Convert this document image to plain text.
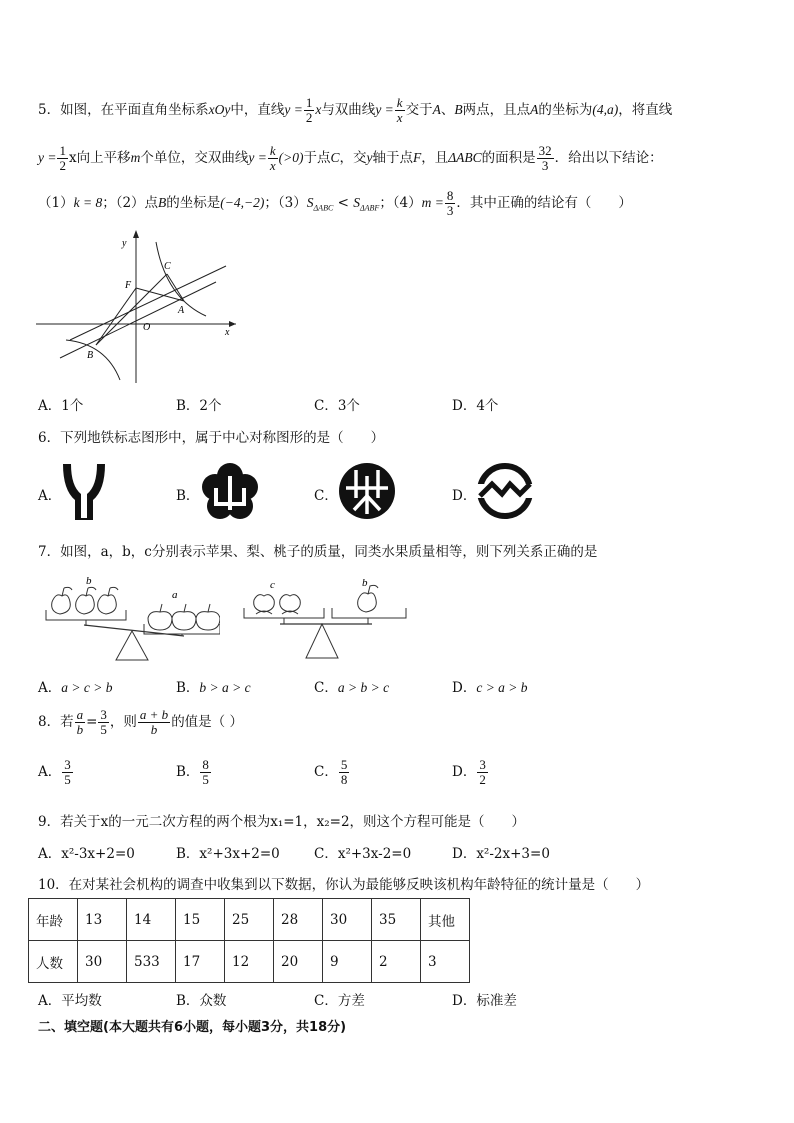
5．如图，在平面直角坐标系xOy中，直线$y = \frac{1}{2}$ x与双曲线$y = \frac{k}{x}$ 交于A、B两点，且点A的坐标为(4,a)，将直线
$y = \frac{1}{2}$ x向上平移m个单位，交双曲线$y = \frac{k}{x} (>0)$于点C，交y轴于点F，且ΔABC的面积是 $\frac{32}{3}$ ．给出以下结论：
（1）k = 8；（2）点B的坐标是(−4,−2)；$(3)S_{\Delta ABC} < S_{\Delta ABF}$；$(4)m = \frac{8}{3}$ ．其中正确的结论有（　　）
y
x
O
F
C
A
B
A．1个	B．2个	C．3个	D．4个
6．下列地铁标志图形中，属于中心对称图形的是（　　）
A．	B．	C．	D．
7．如图，a，b，c分别表示苹果、梨、桃子的质量，同类水果质量相等，则下列关系正确的是
b
a
c	b
A．a > c > b	B．b > a > c	C．a > b > c	D．c > a > b
8．若 $\frac{a}{b} = \frac{3}{5}$ ，则 $\frac{a + b}{b}$ 的值是（ ）
A． $\frac{3}{5}$	B． $\frac{8}{5}$	C． $\frac{5}{8}$	D． $\frac{3}{2}$
9．若关于x的一元二次方程的两个根为x₁=1，x₂=2，则这个方程可能是（　　）
A．x²-3x+2=0	B．x²+3x+2=0	C．x²+3x-2=0	D．x²-2x+3=0
10．在对某社会机构的调查中收集到以下数据，你认为最能够反映该机构年龄特征的统计量是（　　）
年龄	13	14	15	25	28	30	35	其他
人数	30	533	17	12	20	9	2	3
A．平均数	B．众数	C．方差	D．标准差
二、填空题(本大题共有6小题，每小题3分，共18分)
